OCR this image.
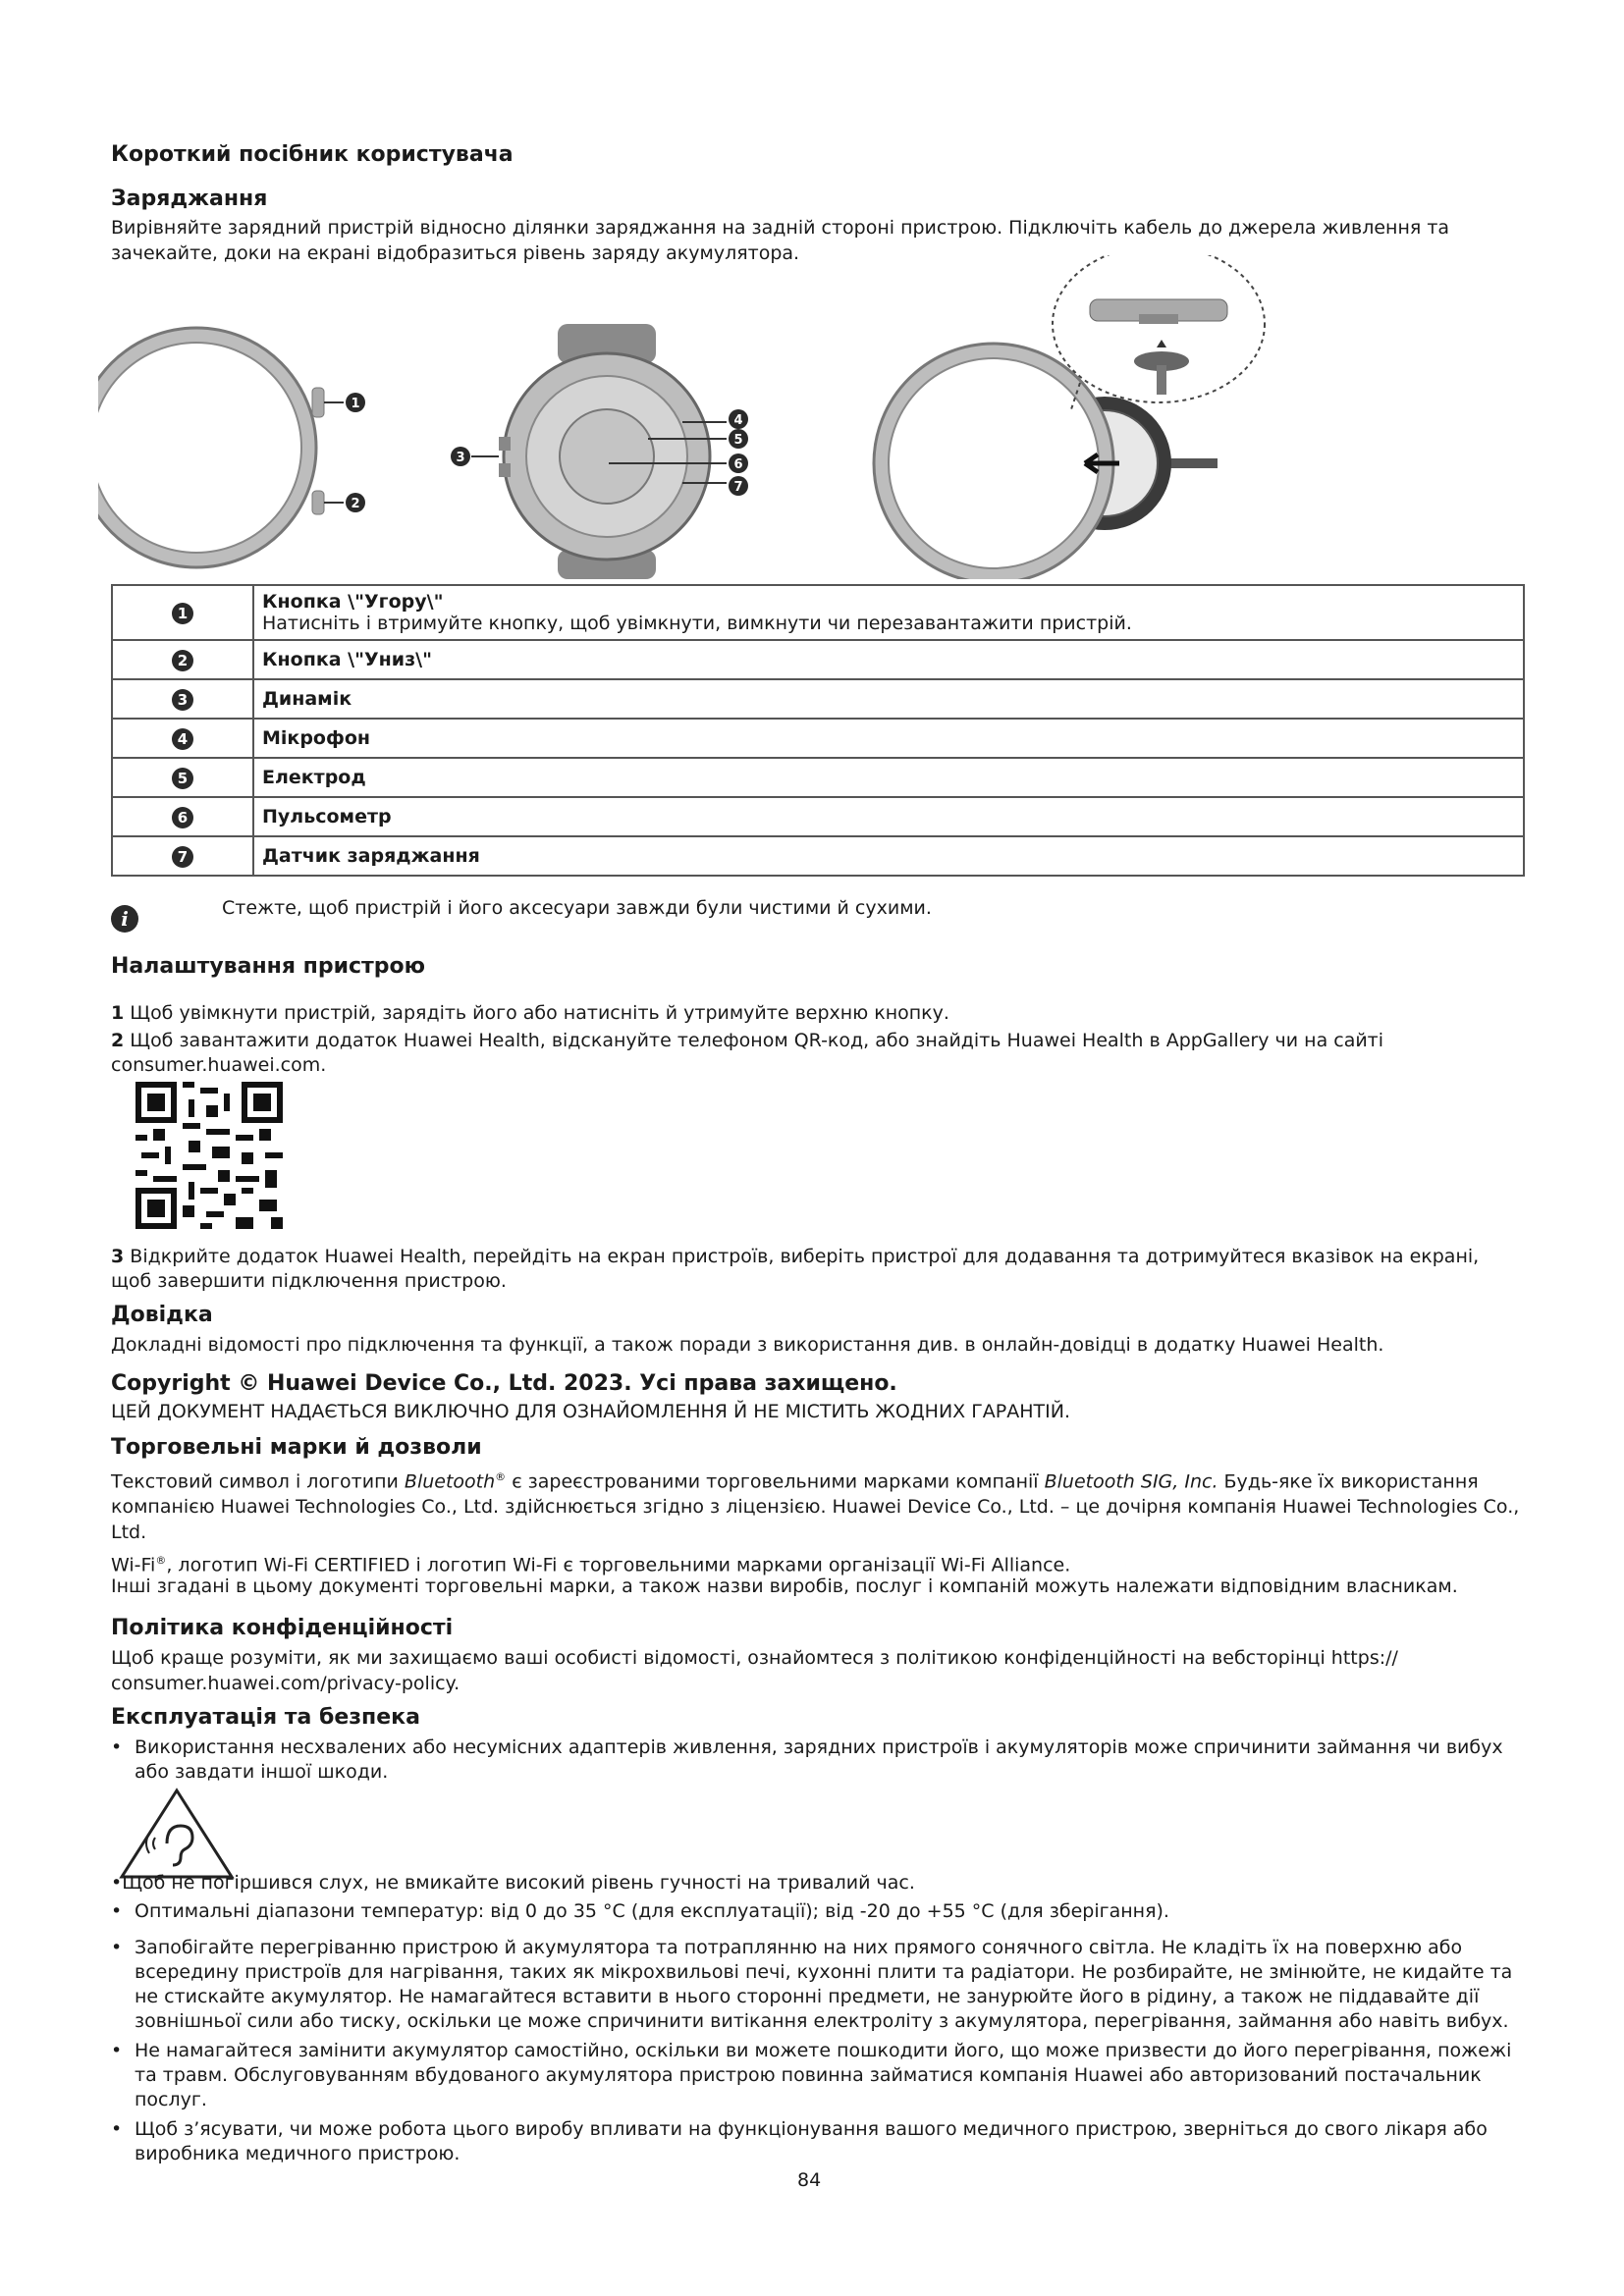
Короткий посібник користувача
Заряджання
Вирівняйте зарядний пристрій відносно ділянки заряджання на задній стороні пристрою. Підключіть кабель до джерела живлення та зачекайте, доки на екрані відобразиться рівень заряду акумулятора.
1
2
3
4
5
6
7
1	Кнопка \"Угору\"
Натисніть і втримуйте кнопку, щоб увімкнути, вимкнути чи перезавантажити пристрій.

2	Кнопка \"Униз\"
3	Динамік
4	Мікрофон
5	Електрод
6	Пульсометр
7	Датчик заряджання
i	Стежте, щоб пристрій і його аксесуари завжди були чистими й сухими.
Налаштування пристрою
1 Щоб увімкнути пристрій, зарядіть його або натисніть й утримуйте верхню кнопку.
2 Щоб завантажити додаток Huawei Health, відскануйте телефоном QR-код, або знайдіть Huawei Health в AppGallery чи на сайті consumer.huawei.com.
3 Відкрийте додаток Huawei Health, перейдіть на екран пристроїв, виберіть пристрої для додавання та дотримуйтеся вказівок на екрані, щоб завершити підключення пристрою.
Довідка
Докладні відомості про підключення та функції, а також поради з використання див. в онлайн-довідці в додатку Huawei Health.
Copyright © Huawei Device Co., Ltd. 2023. Усі права захищено.
ЦЕЙ ДОКУМЕНТ НАДАЄТЬСЯ ВИКЛЮЧНО ДЛЯ ОЗНАЙОМЛЕННЯ Й НЕ МІСТИТЬ ЖОДНИХ ГАРАНТІЙ.
Торговельні марки й дозволи
Текстовий символ і логотипи Bluetooth® є зареєстрованими торговельними марками компанії Bluetooth SIG, Inc. Будь-яке їх використання компанією Huawei Technologies Co., Ltd. здійснюється згідно з ліцензією. Huawei Device Co., Ltd. – це дочірня компанія Huawei Technologies Co., Ltd.
Wi-Fi®, логотип Wi-Fi CERTIFIED і логотип Wi-Fi є торговельними марками організації Wi-Fi Alliance.
Інші згадані в цьому документі торговельні марки, а також назви виробів, послуг і компаній можуть належати відповідним власникам.
Політика конфіденційності
Щоб краще розуміти, як ми захищаємо ваші особисті відомості, ознайомтеся з політикою конфіденційності на вебсторінці https:// consumer.huawei.com/privacy-policy.
Експлуатація та безпека
• Використання несхвалених або несумісних адаптерів живлення, зарядних пристроїв і акумуляторів може спричинити займання чи вибух або завдати іншої шкоди.
•Щоб не погіршився слух, не вмикайте високий рівень гучності на тривалий час.
• Оптимальні діапазони температур: від 0 до 35 °C (для експлуатації); від -20 до +55 °C (для зберігання).
• Запобігайте перегріванню пристрою й акумулятора та потраплянню на них прямого сонячного світла. Не кладіть їх на поверхню або всередину пристроїв для нагрівання, таких як мікрохвильові печі, кухонні плити та радіатори. Не розбирайте, не змінюйте, не кидайте та не стискайте акумулятор. Не намагайтеся вставити в нього сторонні предмети, не занурюйте його в рідину, а також не піддавайте дії зовнішньої сили або тиску, оскільки це може спричинити витікання електроліту з акумулятора, перегрівання, займання або навіть вибух.
• Не намагайтеся замінити акумулятор самостійно, оскільки ви можете пошкодити його, що може призвести до його перегрівання, пожежі та травм. Обслуговуванням вбудованого акумулятора пристрою повинна займатися компанія Huawei або авторизований постачальник послуг.
• Щоб з’ясувати, чи може робота цього виробу впливати на функціонування вашого медичного пристрою, зверніться до свого лікаря або виробника медичного пристрою.
84
